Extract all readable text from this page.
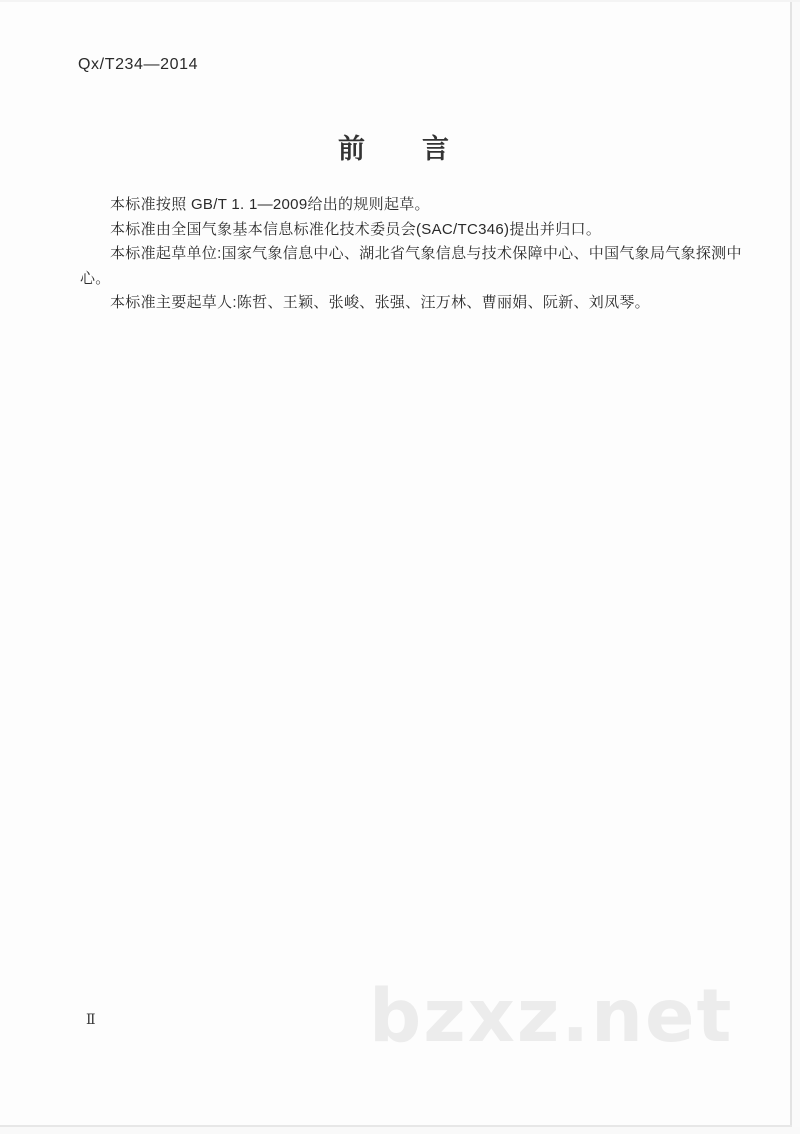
Qx/T234—2014
前　　言

本标准按照 GB/T 1. 1—2009给出的规则起草。

本标准由全国气象基本信息标准化技术委员会(SAC/TC346)提出并归口。

本标准起草单位:国家气象信息中心、湖北省气象信息与技术保障中心、中国气象局气象探测中心。

本标准主要起草人:陈哲、王颖、张峻、张强、汪万林、曹丽娟、阮新、刘凤琴。

Ⅱ	bzxz.net
